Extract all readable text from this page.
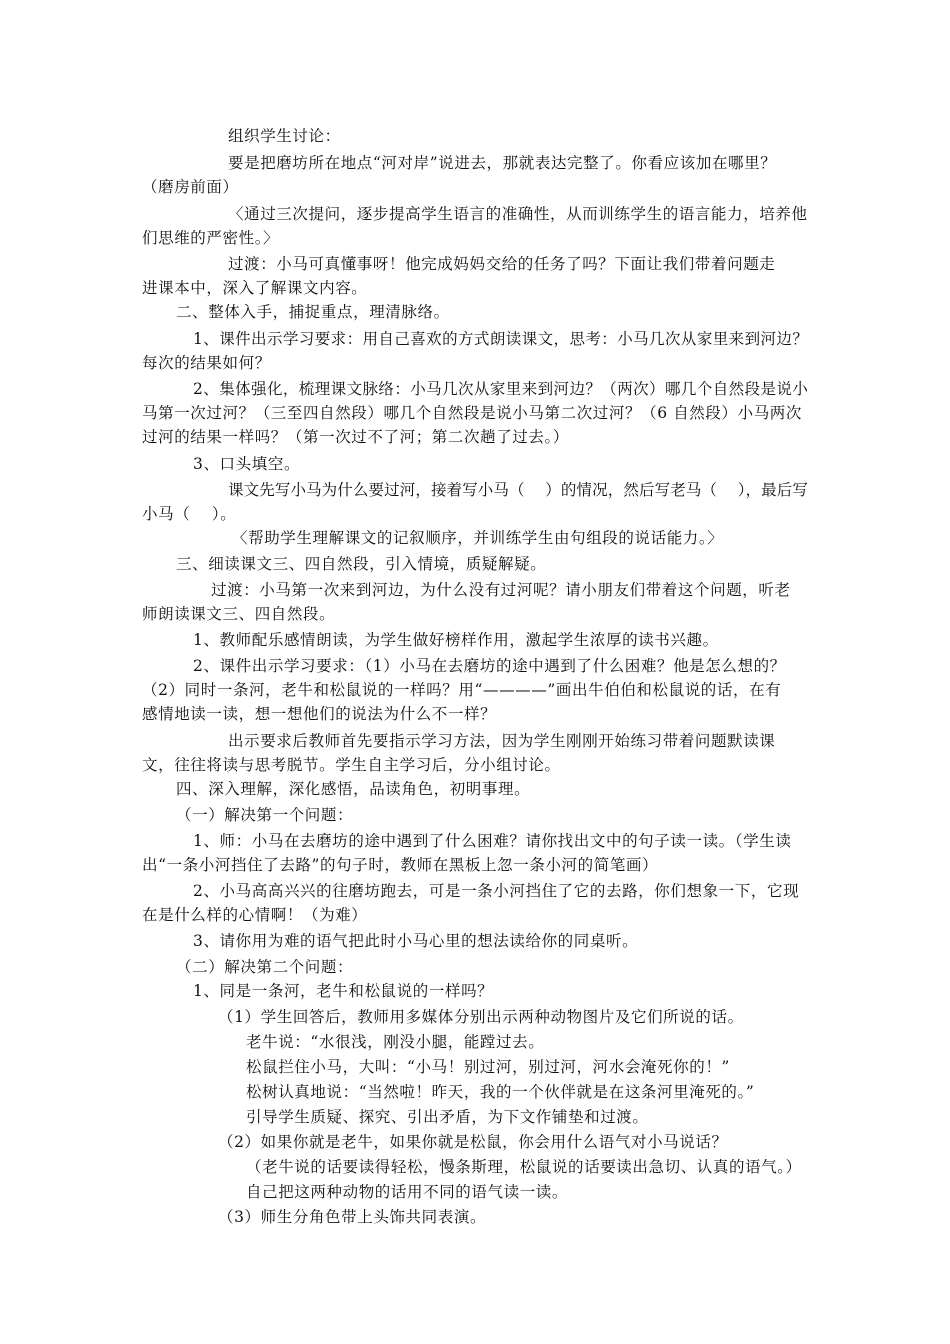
组织学生讨论：
要是把磨坊所在地点“河对岸”说进去，那就表达完整了。你看应该加在哪里？
（磨房前面）
〈通过三次提问，逐步提高学生语言的准确性，从而训练学生的语言能力，培养他
们思维的严密性。〉
过渡：小马可真懂事呀！他完成妈妈交给的任务了吗？下面让我们带着问题走
进课本中，深入了解课文内容。
二、整体入手，捕捉重点，理清脉络。
1、课件出示学习要求：用自己喜欢的方式朗读课文，思考：小马几次从家里来到河边？
每次的结果如何？
2、集体强化，梳理课文脉络：小马几次从家里来到河边？（两次）哪几个自然段是说小
马第一次过河？（三至四自然段）哪几个自然段是说小马第二次过河？（6 自然段）小马两次
过河的结果一样吗？（第一次过不了河；第二次趟了过去。）
3、口头填空。
课文先写小马为什么要过河，接着写小马（　 ）的情况，然后写老马（　 ），最后写
小马（　 ）。
〈帮助学生理解课文的记叙顺序，并训练学生由句组段的说话能力。〉
三、细读课文三、四自然段，引入情境，质疑解疑。
过渡：小马第一次来到河边，为什么没有过河呢？请小朋友们带着这个问题，听老
师朗读课文三、四自然段。
1、教师配乐感情朗读，为学生做好榜样作用，激起学生浓厚的读书兴趣。
2、课件出示学习要求：（1）小马在去磨坊的途中遇到了什么困难？他是怎么想的？
（2）同时一条河，老牛和松鼠说的一样吗？用“————”画出牛伯伯和松鼠说的话，在有
感情地读一读，想一想他们的说法为什么不一样？
出示要求后教师首先要指示学习方法，因为学生刚刚开始练习带着问题默读课
文，往往将读与思考脱节。学生自主学习后，分小组讨论。
四、深入理解，深化感悟，品读角色，初明事理。
（一）解决第一个问题：
1、师：小马在去磨坊的途中遇到了什么困难？请你找出文中的句子读一读。（学生读
出“一条小河挡住了去路”的句子时，教师在黑板上忽一条小河的简笔画）
2、小马高高兴兴的往磨坊跑去，可是一条小河挡住了它的去路，你们想象一下，它现
在是什么样的心情啊！（为难）
3、请你用为难的语气把此时小马心里的想法读给你的同桌听。
（二）解决第二个问题：
1、同是一条河，老牛和松鼠说的一样吗？
（1）学生回答后，教师用多媒体分别出示两种动物图片及它们所说的话。
老牛说：“水很浅，刚没小腿，能蹚过去。
松鼠拦住小马，大叫：“小马！别过河，别过河，河水会淹死你的！”
松树认真地说：“当然啦！昨天，我的一个伙伴就是在这条河里淹死的。”
引导学生质疑、探究、引出矛盾，为下文作铺垫和过渡。
（2）如果你就是老牛，如果你就是松鼠，你会用什么语气对小马说话？
（老牛说的话要读得轻松，慢条斯理，松鼠说的话要读出急切、认真的语气。）
自己把这两种动物的话用不同的语气读一读。
（3）师生分角色带上头饰共同表演。
